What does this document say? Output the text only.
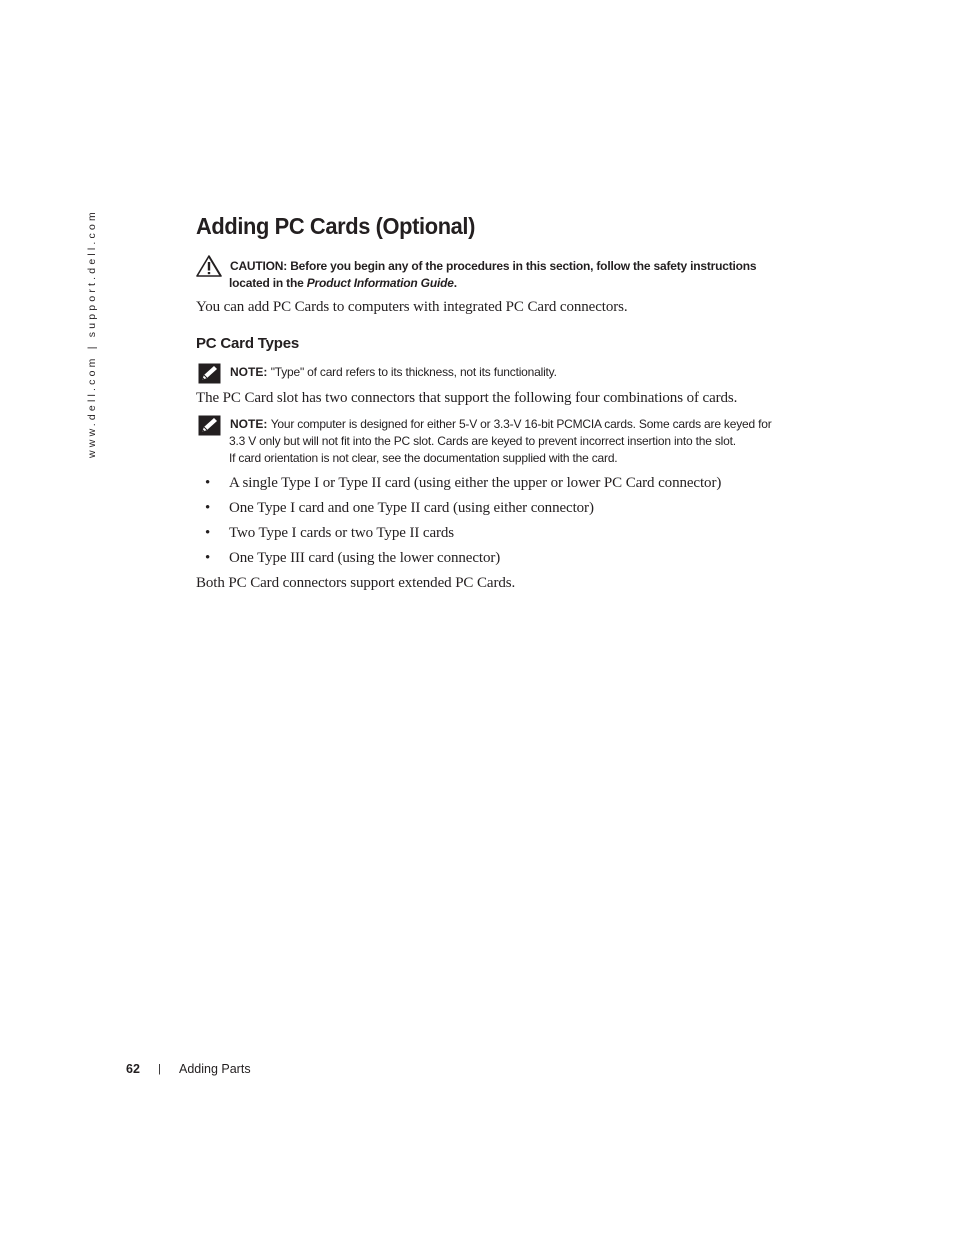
www.dell.com | support.dell.com	Adding PC Cards (Optional)
CAUTION: Before you begin any of the procedures in this section, follow the safety instructions
located in the Product Information Guide.

You can add PC Cards to computers with integrated PC Card connectors.

PC Card Types
NOTE: "Type" of card refers to its thickness, not its functionality.

The PC Card slot has two connectors that support the following four combinations of cards.

NOTE: Your computer is designed for either 5-V or 3.3-V 16-bit PCMCIA cards. Some cards are keyed for
3.3 V only but will not fit into the PC slot. Cards are keyed to prevent incorrect insertion into the slot.
If card orientation is not clear, see the documentation supplied with the card.
• A single Type I or Type II card (using either the upper or lower PC Card connector)
• One Type I card and one Type II card (using either connector)
• Two Type I cards or two Type II cards
• One Type III card (using the lower connector)

Both PC Card connectors support extended PC Cards.

62 | Adding Parts
